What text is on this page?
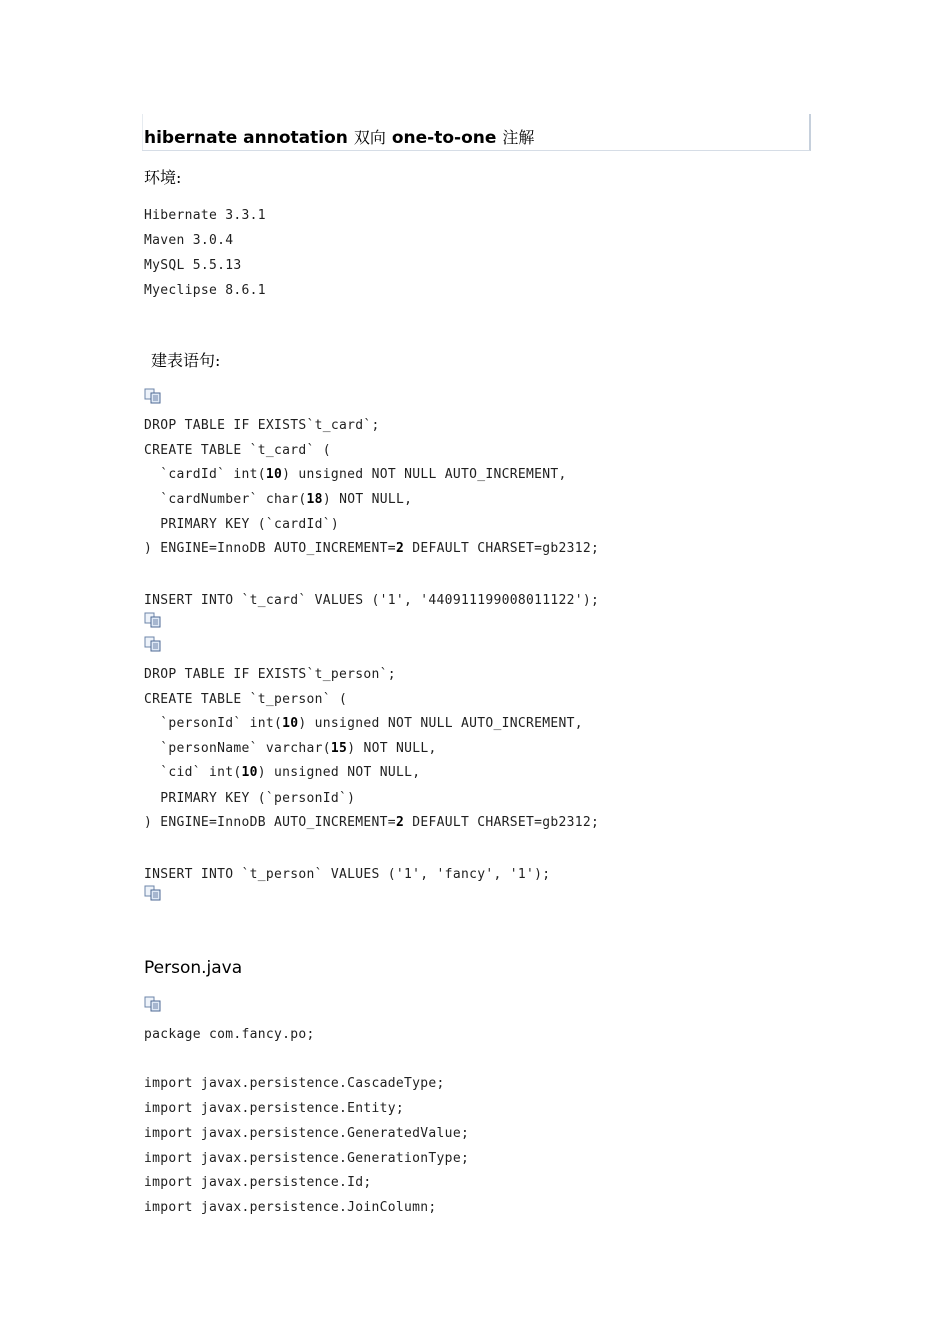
hibernate annotation 双向 one-to-one 注解
环境:
Hibernate 3.3.1
Maven 3.0.4
MySQL 5.5.13
Myeclipse 8.6.1
建表语句:
DROP TABLE IF EXISTS`t_card`;
CREATE TABLE `t_card` (
`cardId` int(10) unsigned NOT NULL AUTO_INCREMENT,
`cardNumber` char(18) NOT NULL,
PRIMARY KEY (`cardId`)
) ENGINE=InnoDB AUTO_INCREMENT=2 DEFAULT CHARSET=gb2312;
INSERT INTO `t_card` VALUES ('1', '440911199008011122');
DROP TABLE IF EXISTS`t_person`;
CREATE TABLE `t_person` (
`personId` int(10) unsigned NOT NULL AUTO_INCREMENT,
`personName` varchar(15) NOT NULL,
`cid` int(10) unsigned NOT NULL,
PRIMARY KEY (`personId`)
) ENGINE=InnoDB AUTO_INCREMENT=2 DEFAULT CHARSET=gb2312;
INSERT INTO `t_person` VALUES ('1', 'fancy', '1');
Person.java
package com.fancy.po;
import javax.persistence.CascadeType;
import javax.persistence.Entity;
import javax.persistence.GeneratedValue;
import javax.persistence.GenerationType;
import javax.persistence.Id;
import javax.persistence.JoinColumn;
